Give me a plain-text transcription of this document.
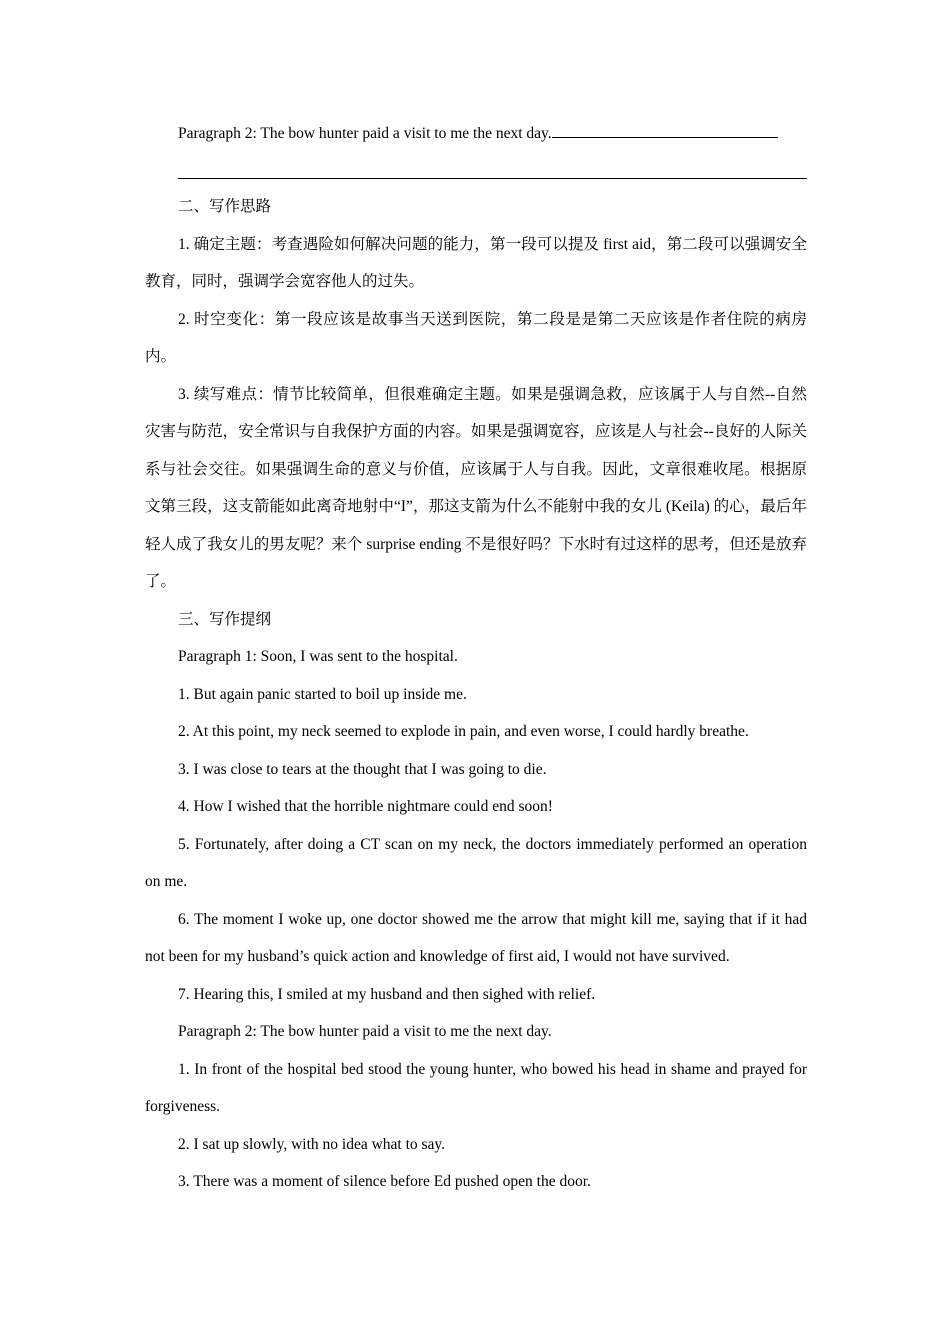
Paragraph 2: The bow hunter paid a visit to me the next day.

二、写作思路

1. 确定主题：考查遇险如何解决问题的能力，第一段可以提及 first aid，第二段可以强调安全教育，同时，强调学会宽容他人的过失。

2. 时空变化：第一段应该是故事当天送到医院，第二段是是第二天应该是作者住院的病房内。

3. 续写难点：情节比较简单，但很难确定主题。如果是强调急救，应该属于人与自然--自然灾害与防范，安全常识与自我保护方面的内容。如果是强调宽容，应该是人与社会--良好的人际关系与社会交往。如果强调生命的意义与价值，应该属于人与自我。因此，文章很难收尾。根据原文第三段，这支箭能如此离奇地射中“I”，那这支箭为什么不能射中我的女儿 (Keila) 的心，最后年轻人成了我女儿的男友呢？来个 surprise ending 不是很好吗？下水时有过这样的思考，但还是放弃了。

三、写作提纲

Paragraph 1: Soon, I was sent to the hospital.

1. But again panic started to boil up inside me.

2. At this point, my neck seemed to explode in pain, and even worse, I could hardly breathe.

3. I was close to tears at the thought that I was going to die.

4. How I wished that the horrible nightmare could end soon!

5. Fortunately, after doing a CT scan on my neck, the doctors immediately performed an operation on me.

6. The moment I woke up, one doctor showed me the arrow that might kill me, saying that if it had not been for my husband’s quick action and knowledge of first aid, I would not have survived.

7. Hearing this, I smiled at my husband and then sighed with relief.

Paragraph 2: The bow hunter paid a visit to me the next day.

1. In front of the hospital bed stood the young hunter, who bowed his head in shame and prayed for forgiveness.

2. I sat up slowly, with no idea what to say.

3. There was a moment of silence before Ed pushed open the door.
